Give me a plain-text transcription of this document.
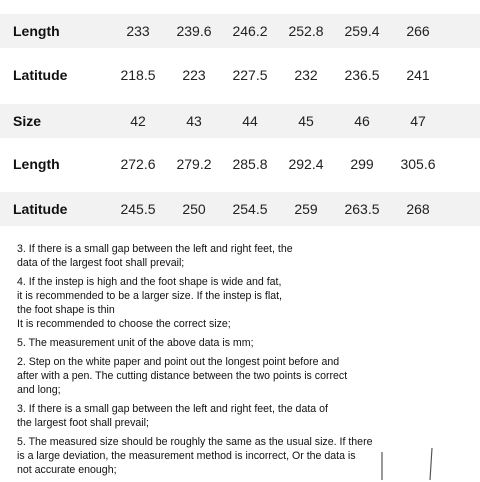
Length	233	239.6	246.2	252.8	259.4	266
Latitude	218.5	223	227.5	232	236.5	241
Size	42	43	44	45	46	47
Length	272.6	279.2	285.8	292.4	299	305.6
Latitude	245.5	250	254.5	259	263.5	268

3. If there is a small gap between the left and right feet, the
data of the largest foot shall prevail;

4. If the instep is high and the foot shape is wide and fat,
it is recommended to be a larger size. If the instep is flat,
the foot shape is thin
It is recommended to choose the correct size;

5. The measurement unit of the above data is mm;

2. Step on the white paper and point out the longest point before and
after with a pen. The cutting distance between the two points is correct
and long;

3. If there is a small gap between the left and right feet, the data of
the largest foot shall prevail;

5. The measured size should be roughly the same as the usual size. If there
is a large deviation, the measurement method is incorrect, Or the data is
not accurate enough;
